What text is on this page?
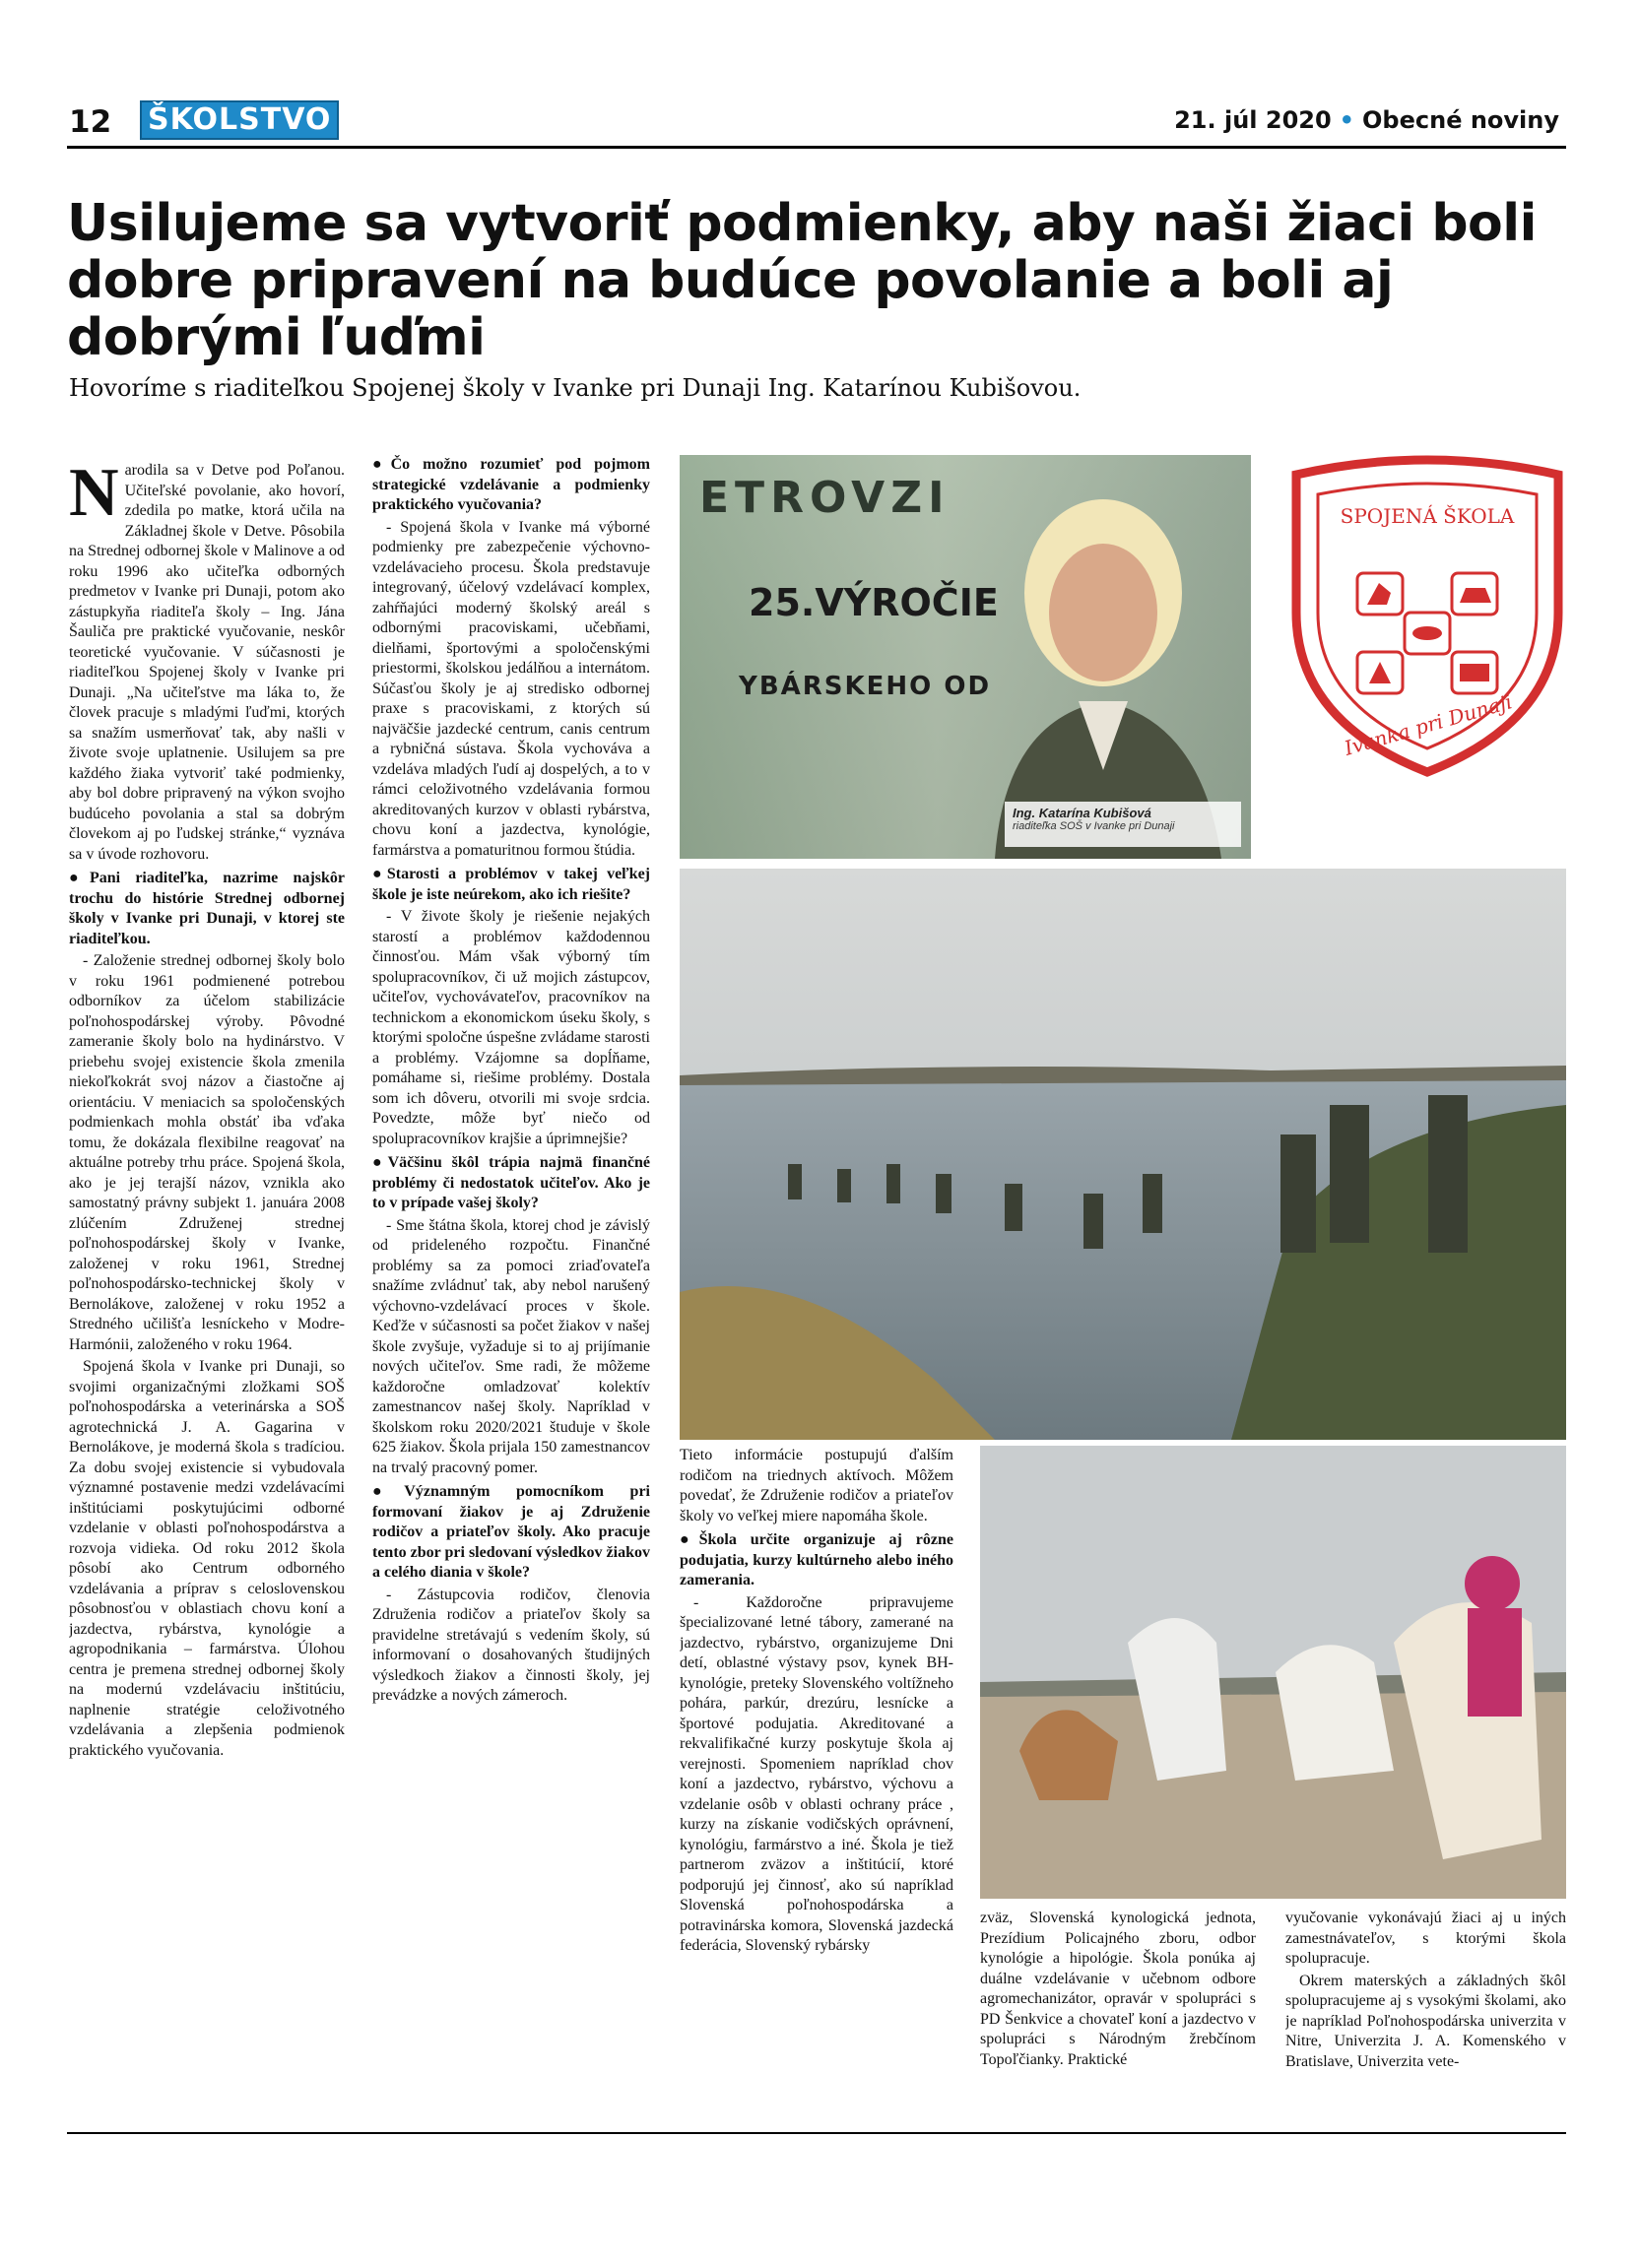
12 ŠKOLSTVO	21. júl 2020 • Obecné noviny
Usilujeme sa vytvoriť podmienky, aby naši žiaci boli dobre pripravení na budúce povolanie a boli aj dobrými ľuďmi
Hovoríme s riaditeľkou Spojenej školy v Ivanke pri Dunaji Ing. Katarínou Kubišovou.

Narodila sa v Detve pod Poľanou. Učiteľské povolanie, ako hovorí, zdedila po matke, ktorá učila na Základnej škole v Detve. Pôsobila na Strednej odbornej škole v Malinove a od roku 1996 ako učiteľka odborných predmetov v Ivanke pri Dunaji, potom ako zástupkyňa riaditeľa školy – Ing. Jána Šauliča pre praktické vyučovanie, neskôr teoretické vyučovanie. V súčasnosti je riaditeľkou Spojenej školy v Ivanke pri Dunaji. „Na učiteľstve ma láka to, že človek pracuje s mladými ľuďmi, ktorých sa snažím usmerňovať tak, aby našli v živote svoje uplatnenie. Usilujem sa pre každého žiaka vytvoriť také podmienky, aby bol dobre pripravený na výkon svojho budúceho povolania a stal sa dobrým človekom aj po ľudskej stránke,“ vyznáva sa v úvode rozhovoru.

● Pani riaditeľka, nazrime najskôr trochu do histórie Strednej odbornej školy v Ivanke pri Dunaji, v ktorej ste riaditeľkou.

- Založenie strednej odbornej školy bolo v roku 1961 podmienené potrebou odborníkov za účelom stabilizácie poľnohospodárskej výroby. Pôvodné zameranie školy bolo na hydinárstvo. V priebehu svojej existencie škola zmenila niekoľkokrát svoj názov a čiastočne aj orientáciu. V meniacich sa spoločenských podmienkach mohla obstáť iba vďaka tomu, že dokázala flexibilne reagovať na aktuálne potreby trhu práce. Spojená škola, ako je jej terajší názov, vznikla ako samostatný právny subjekt 1. januára 2008 zlúčením Združenej strednej poľnohospodárskej školy v Ivanke, založenej v roku 1961, Strednej poľnohospodársko-technickej školy v Bernolákove, založenej v roku 1952 a Stredného učilišťa lesníckeho v Modre-Harmónii, založeného v roku 1964.

Spojená škola v Ivanke pri Dunaji, so svojimi organizačnými zložkami SOŠ poľnohospodárska a veterinárska a SOŠ agrotechnická J. A. Gagarina v Bernolákove, je moderná škola s tradíciou. Za dobu svojej existencie si vybudovala významné postavenie medzi vzdelávacími inštitúciami poskytujúcimi odborné vzdelanie v oblasti poľnohospodárstva a rozvoja vidieka. Od roku 2012 škola pôsobí ako Centrum odborného vzdelávania a príprav s celoslovenskou pôsobnosťou v oblastiach chovu koní a jazdectva, rybárstva, kynológie a agropodnikania – farmárstva. Úlohou centra je premena strednej odbornej školy na modernú vzdelávaciu inštitúciu, naplnenie stratégie celoživotného vzdelávania a zlepšenia podmienok praktického vyučovania.

● Čo možno rozumieť pod pojmom strategické vzdelávanie a podmienky praktického vyučovania?

- Spojená škola v Ivanke má výborné podmienky pre zabezpečenie výchovno-vzdelávacieho procesu. Škola predstavuje integrovaný, účelový vzdelávací komplex, zahŕňajúci moderný školský areál s odbornými pracoviskami, učebňami, dielňami, športovými a spoločenskými priestormi, školskou jedálňou a internátom. Súčasťou školy je aj stredisko odbornej praxe s pracoviskami, z ktorých sú najväčšie jazdecké centrum, canis centrum a rybničná sústava. Škola vychováva a vzdeláva mladých ľudí aj dospelých, a to v rámci celoživotného vzdelávania formou akreditovaných kurzov v oblasti rybárstva, chovu koní a jazdectva, kynológie, farmárstva a pomaturitnou formou štúdia.

● Starosti a problémov v takej veľkej škole je iste neúrekom, ako ich riešite?

- V živote školy je riešenie nejakých starostí a problémov každodennou činnosťou. Mám však výborný tím spolupracovníkov, či už mojich zástupcov, učiteľov, vychovávateľov, pracovníkov na technickom a ekonomickom úseku školy, s ktorými spoločne úspešne zvládame starosti a problémy. Vzájomne sa dopĺňame, pomáhame si, riešime problémy. Dostala som ich dôveru, otvorili mi svoje srdcia. Povedzte, môže byť niečo od spolupracovníkov krajšie a úprimnejšie?

● Väčšinu škôl trápia najmä finančné problémy či nedostatok učiteľov. Ako je to v prípade vašej školy?

- Sme štátna škola, ktorej chod je závislý od prideleného rozpočtu. Finančné problémy sa za pomoci zriaďovateľa snažíme zvládnuť tak, aby nebol narušený výchovno-vzdelávací proces v škole. Keďže v súčasnosti sa počet žiakov v našej škole zvyšuje, vyžaduje si to aj prijímanie nových učiteľov. Sme radi, že môžeme každoročne omladzovať kolektív zamestnancov našej školy. Napríklad v školskom roku 2020/2021 študuje v škole 625 žiakov. Škola prijala 150 zamestnancov na trvalý pracovný pomer.

● Významným pomocníkom pri formovaní žiakov je aj Združenie rodičov a priateľov školy. Ako pracuje tento zbor pri sledovaní výsledkov žiakov a celého diania v škole?

- Zástupcovia rodičov, členovia Združenia rodičov a priateľov školy sa pravidelne stretávajú s vedením školy, sú informovaní o dosahovaných študijných výsledkoch žiakov a činnosti školy, jej prevádzke a nových zámeroch.

ETROVZI
25.VÝROČIE
YBÁRSKEHO OD
Ing. Katarína Kubišová
riaditeľka SOŠ v Ivanke pri Dunaji
SPOJENÁ ŠKOLA
Ivanka pri Dunaji

Tieto informácie postupujú ďalším rodičom na triednych aktívoch. Môžem povedať, že Združenie rodičov a priateľov školy vo veľkej miere napomáha škole.

● Škola určite organizuje aj rôzne podujatia, kurzy kultúrneho alebo iného zamerania.

- Každoročne pripravujeme špecializované letné tábory, zamerané na jazdectvo, rybárstvo, organizujeme Dni detí, oblastné výstavy psov, kynek BH-kynológie, preteky Slovenského voltížneho pohára, parkúr, drezúru, lesnícke a športové podujatia. Akreditované a rekvalifikačné kurzy poskytuje škola aj verejnosti. Spomeniem napríklad chov koní a jazdectvo, rybárstvo, výchovu a vzdelanie osôb v oblasti ochrany práce , kurzy na získanie vodičských oprávnení, kynológiu, farmárstvo a iné. Škola je tiež partnerom zväzov a inštitúcií, ktoré podporujú jej činnosť, ako sú napríklad Slovenská poľnohospodárska a potravinárska komora, Slovenská jazdecká federácia, Slovenský rybársky

zväz, Slovenská kynologická jednota, Prezídium Policajného zboru, odbor kynológie a hipológie. Škola ponúka aj duálne vzdelávanie v učebnom odbore agromechanizátor, opravár v spolupráci s PD Šenkvice a chovateľ koní a jazdectvo v spolupráci s Národným žrebčínom Topoľčianky. Praktické

vyučovanie vykonávajú žiaci aj u iných zamestnávateľov, s ktorými škola spolupracuje.

Okrem materských a základných škôl spolupracujeme aj s vysokými školami, ako je napríklad Poľnohospodárska univerzita v Nitre, Univerzita J. A. Komenského v Bratislave, Univerzita vete-
